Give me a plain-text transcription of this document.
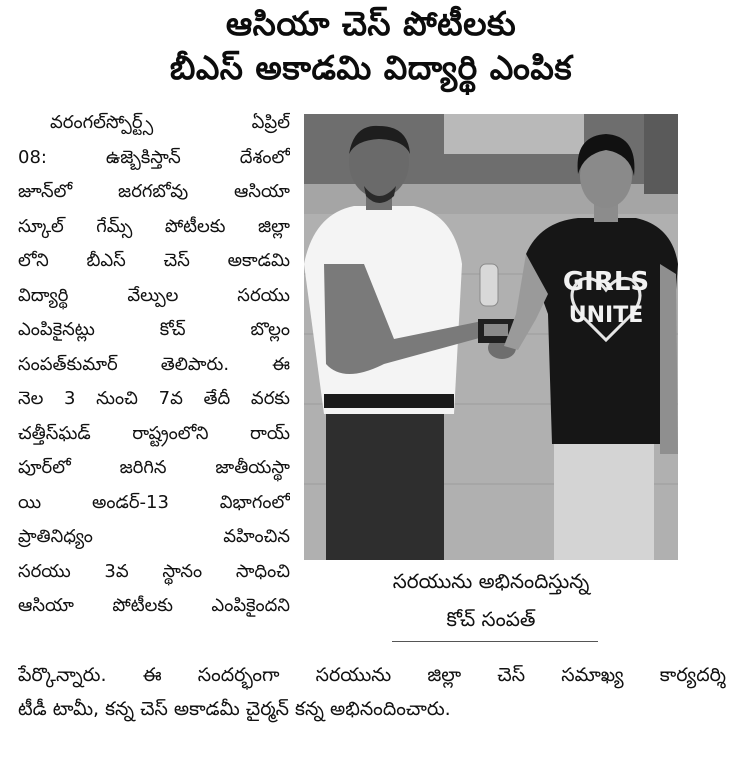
ఆసియా చెస్ పోటీలకు
బీఎస్ అకాడమి విద్యార్థి ఎంపిక
వరంగల్‌స్పోర్ట్స్ ఏప్రిల్
08: ఉజ్బెకిస్తాన్ దేశంలో
జూన్‌లో జరగబోవు ఆసియా
స్కూల్ గేమ్స్ పోటీలకు జిల్లా
లోని బీఎస్ చెస్ అకాడమి
విద్యార్థి వేల్పుల సరయు
ఎంపికైనట్లు కోచ్ బొల్లం
సంపత్‌కుమార్ తెలిపారు. ఈ
నెల 3 నుంచి 7వ తేదీ వరకు
చత్తీస్‌ఘడ్ రాష్ట్రంలోని రాయ్
పూర్‌లో జరిగిన జాతీయస్థా
యి అండర్-13 విభాగంలో
ప్రాతినిధ్యం వహించిన
సరయు 3వ స్థానం సాధించి
ఆసియా పోటీలకు ఎంపికైందని
GIRLS
UNITE
సరయును అభినందిస్తున్న
కోచ్ సంపత్
పేర్కొన్నారు. ఈ సందర్భంగా సరయును జిల్లా చెస్ సమాఖ్య కార్యదర్శి
టీడీ టామీ, కన్న చెస్ అకాడమీ చైర్మన్ కన్న అభినందించారు.
